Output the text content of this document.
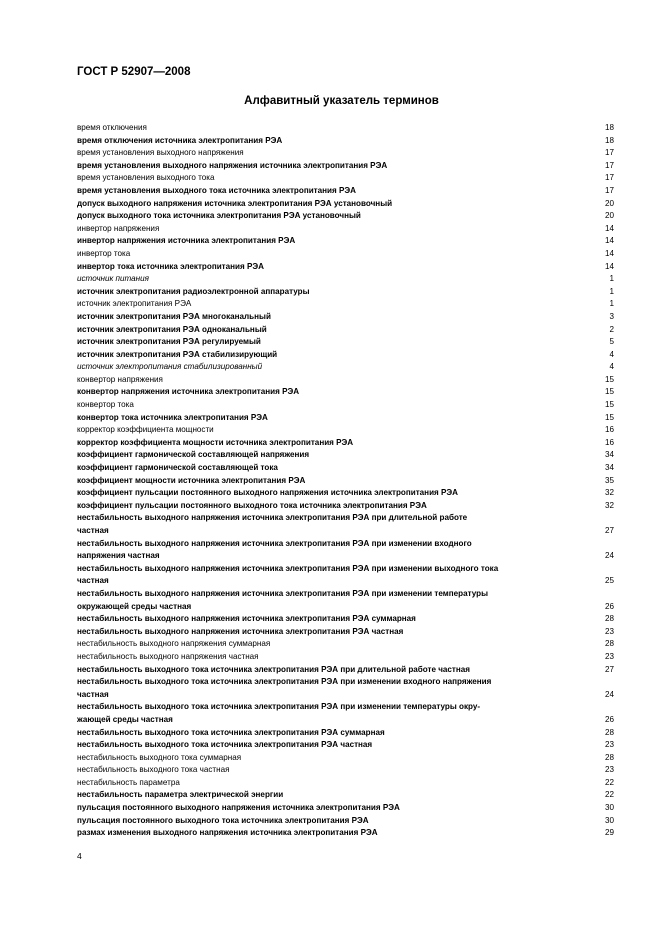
ГОСТ Р 52907—2008
Алфавитный указатель терминов
время отключения	18
время отключения источника электропитания РЭА	18
время установления выходного напряжения	17
время установления выходного напряжения источника электропитания РЭА	17
время установления выходного тока	17
время установления выходного тока источника электропитания РЭА	17
допуск выходного напряжения источника электропитания РЭА установочный	20
допуск выходного тока источника электропитания РЭА установочный	20
инвертор напряжения	14
инвертор напряжения источника электропитания РЭА	14
инвертор тока	14
инвертор тока источника электропитания РЭА	14
источник питания	1
источник электропитания радиоэлектронной аппаратуры	1
источник электропитания РЭА	1
источник электропитания РЭА многоканальный	3
источник электропитания РЭА одноканальный	2
источник электропитания РЭА регулируемый	5
источник электропитания РЭА стабилизирующий	4
источник электропитания стабилизированный	4
конвертор напряжения	15
конвертор напряжения источника электропитания РЭА	15
конвертор тока	15
конвертор тока источника электропитания РЭА	15
корректор коэффициента мощности	16
корректор коэффициента мощности источника электропитания РЭА	16
коэффициент гармонической составляющей напряжения	34
коэффициент гармонической составляющей тока	34
коэффициент мощности источника электропитания РЭА	35
коэффициент пульсации постоянного выходного напряжения источника электропитания РЭА	32
коэффициент пульсации постоянного выходного тока источника электропитания РЭА	32
нестабильность выходного напряжения источника электропитания РЭА при длительной работе
частная	27
нестабильность выходного напряжения источника электропитания РЭА при изменении входного
напряжения частная	24
нестабильность выходного напряжения источника электропитания РЭА при изменении выходного тока
частная	25
нестабильность выходного напряжения источника электропитания РЭА при изменении температуры
окружающей среды частная	26
нестабильность выходного напряжения источника электропитания РЭА суммарная	28
нестабильность выходного напряжения источника электропитания РЭА частная	23
нестабильность выходного напряжения суммарная	28
нестабильность выходного напряжения частная	23
нестабильность выходного тока источника электропитания РЭА при длительной работе частная	27
нестабильность выходного тока источника электропитания РЭА при изменении входного напряжения
частная	24
нестабильность выходного тока источника электропитания РЭА при изменении температуры окру-
жающей среды частная	26
нестабильность выходного тока источника электропитания РЭА суммарная	28
нестабильность выходного тока источника электропитания РЭА частная	23
нестабильность выходного тока суммарная	28
нестабильность выходного тока частная	23
нестабильность параметра	22
нестабильность параметра электрической энергии	22
пульсация постоянного выходного напряжения источника электропитания РЭА	30
пульсация постоянного выходного тока источника электропитания РЭА	30
размах изменения выходного напряжения источника электропитания РЭА	29
4
